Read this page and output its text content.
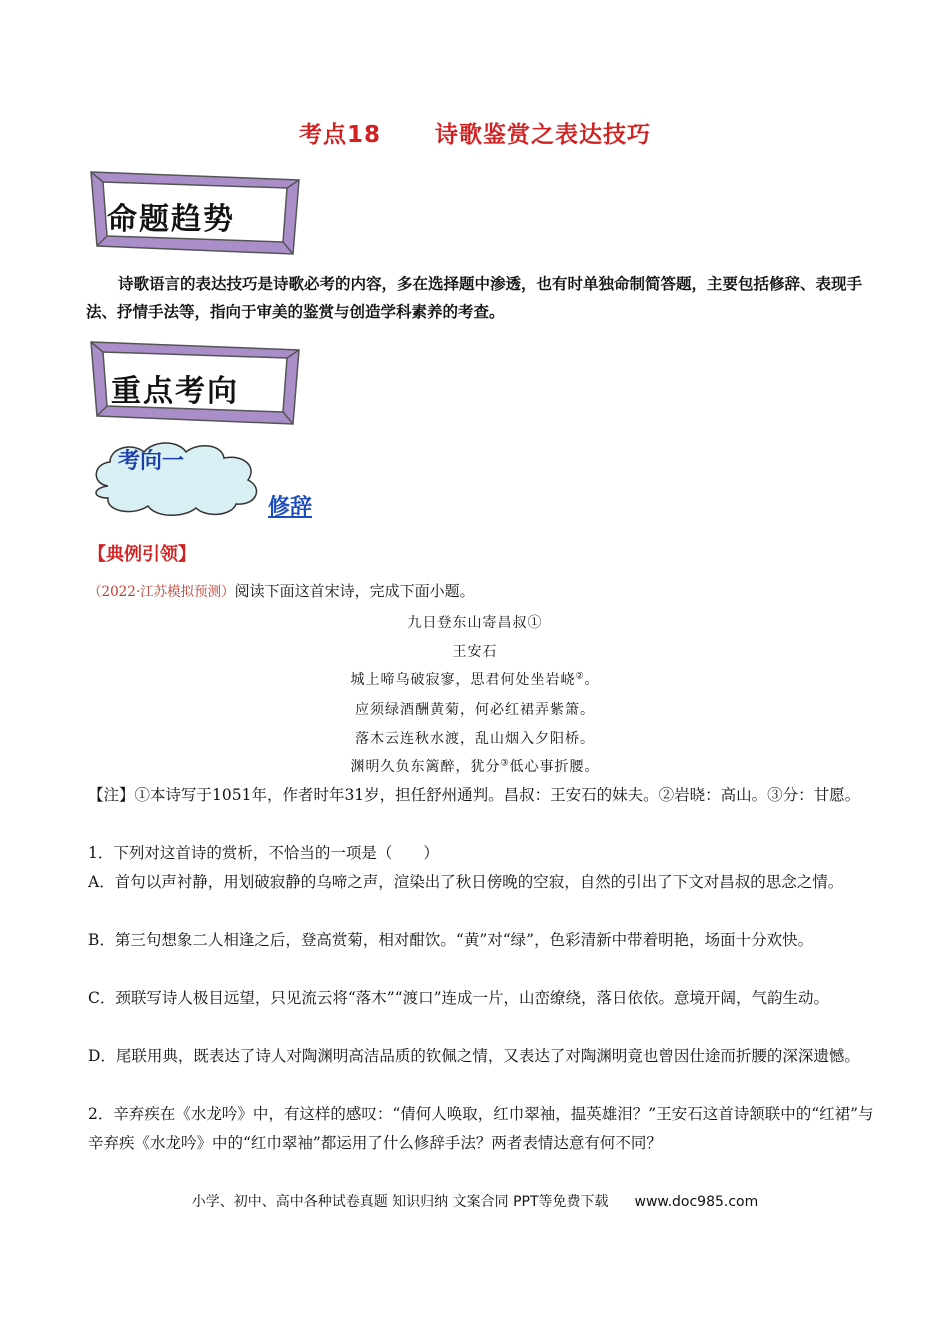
考点18 诗歌鉴赏之表达技巧
命题趋势
诗歌语言的表达技巧是诗歌必考的内容，多在选择题中渗透，也有时单独命制简答题，主要包括修辞、表现手法、抒情手法等，指向于审美的鉴赏与创造学科素养的考查。
重点考向
考向一
修辞
【典例引领】
（2022·江苏模拟预测）阅读下面这首宋诗，完成下面小题。
九日登东山寄昌叔①
王安石
城上啼乌破寂寥，思君何处坐岩峣②。
应须绿酒酬黄菊，何必红裙弄紫箫。
落木云连秋水渡，乱山烟入夕阳桥。
渊明久负东篱醉，犹分③低心事折腰。
【注】①本诗写于1051年，作者时年31岁，担任舒州通判。昌叔：王安石的妹夫。②岩晓：高山。③分：甘愿。
1．下列对这首诗的赏析，不恰当的一项是（　　）
A．首句以声衬静，用划破寂静的乌啼之声，渲染出了秋日傍晚的空寂，自然的引出了下文对昌叔的思念之情。
B．第三句想象二人相逢之后，登高赏菊，相对酣饮。“黄”对“绿”，色彩清新中带着明艳，场面十分欢快。
C．颈联写诗人极目远望，只见流云将“落木”“渡口”连成一片，山峦缭绕，落日依依。意境开阔，气韵生动。
D．尾联用典，既表达了诗人对陶渊明高洁品质的钦佩之情，又表达了对陶渊明竟也曾因仕途而折腰的深深遗憾。
2．辛弃疾在《水龙吟》中，有这样的感叹：“倩何人唤取，红巾翠袖，揾英雄泪？”王安石这首诗颔联中的“红裙”与辛弃疾《水龙吟》中的“红巾翠袖”都运用了什么修辞手法？两者表情达意有何不同？
小学、初中、高中各种试卷真题 知识归纳 文案合同 PPT等免费下载 www.doc985.com
